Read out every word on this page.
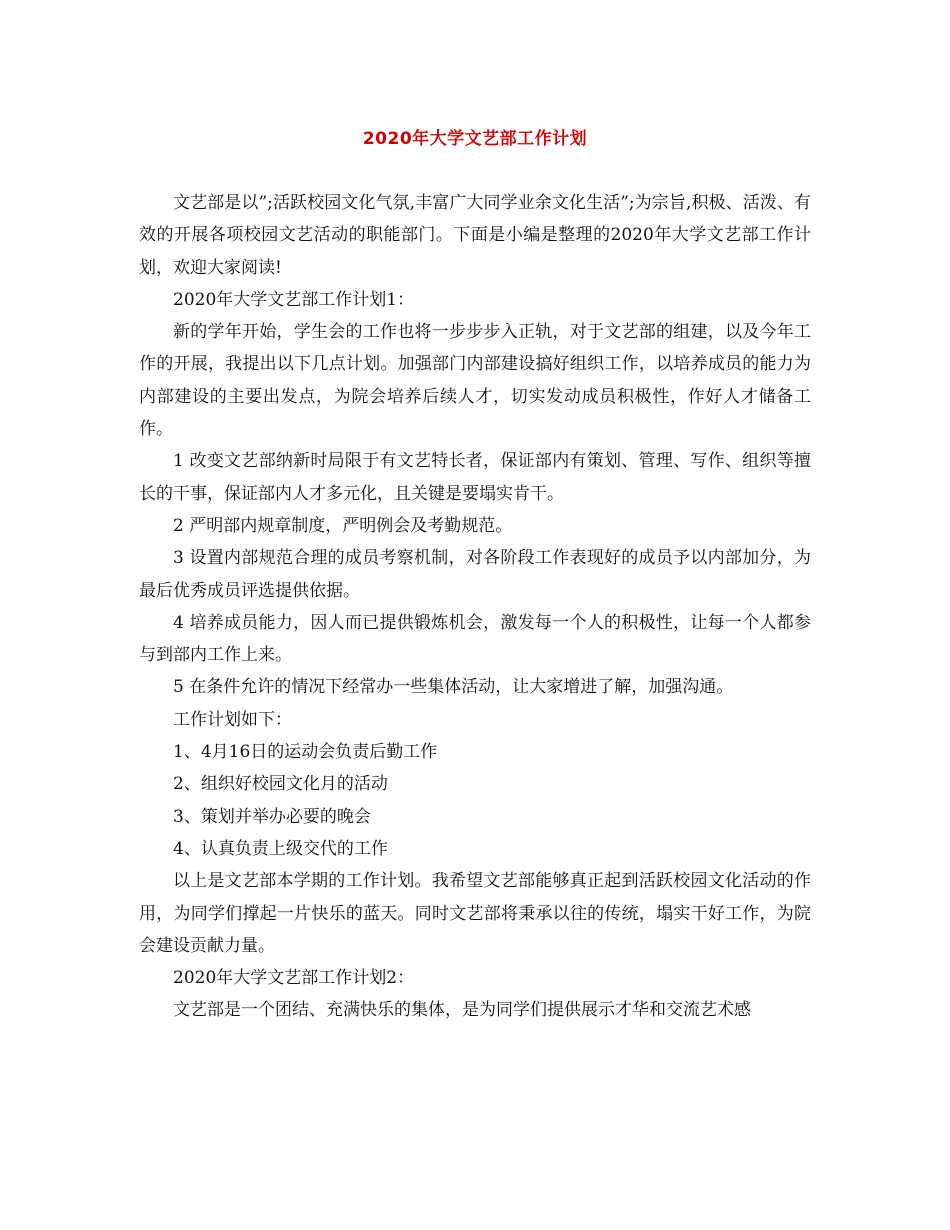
2020年大学文艺部工作计划

文艺部是以”;活跃校园文化气氛,丰富广大同学业余文化生活”;为宗旨,积极、活泼、有效的开展各项校园文艺活动的职能部门。下面是小编是整理的2020年大学文艺部工作计划，欢迎大家阅读!

2020年大学文艺部工作计划1：

新的学年开始，学生会的工作也将一步步步入正轨，对于文艺部的组建，以及今年工作的开展，我提出以下几点计划。加强部门内部建设搞好组织工作，以培养成员的能力为内部建设的主要出发点，为院会培养后续人才，切实发动成员积极性，作好人才储备工作。

1 改变文艺部纳新时局限于有文艺特长者，保证部内有策划、管理、写作、组织等擅长的干事，保证部内人才多元化，且关键是要塌实肯干。

2 严明部内规章制度，严明例会及考勤规范。

3 设置内部规范合理的成员考察机制，对各阶段工作表现好的成员予以内部加分，为最后优秀成员评选提供依据。

4 培养成员能力，因人而已提供锻炼机会，激发每一个人的积极性，让每一个人都参与到部内工作上来。

5 在条件允许的情况下经常办一些集体活动，让大家增进了解，加强沟通。

工作计划如下：

1、4月16日的运动会负责后勤工作

2、组织好校园文化月的活动

3、策划并举办必要的晚会

4、认真负责上级交代的工作

以上是文艺部本学期的工作计划。我希望文艺部能够真正起到活跃校园文化活动的作用，为同学们撑起一片快乐的蓝天。同时文艺部将秉承以往的传统，塌实干好工作，为院会建设贡献力量。

2020年大学文艺部工作计划2：

文艺部是一个团结、充满快乐的集体，是为同学们提供展示才华和交流艺术感
